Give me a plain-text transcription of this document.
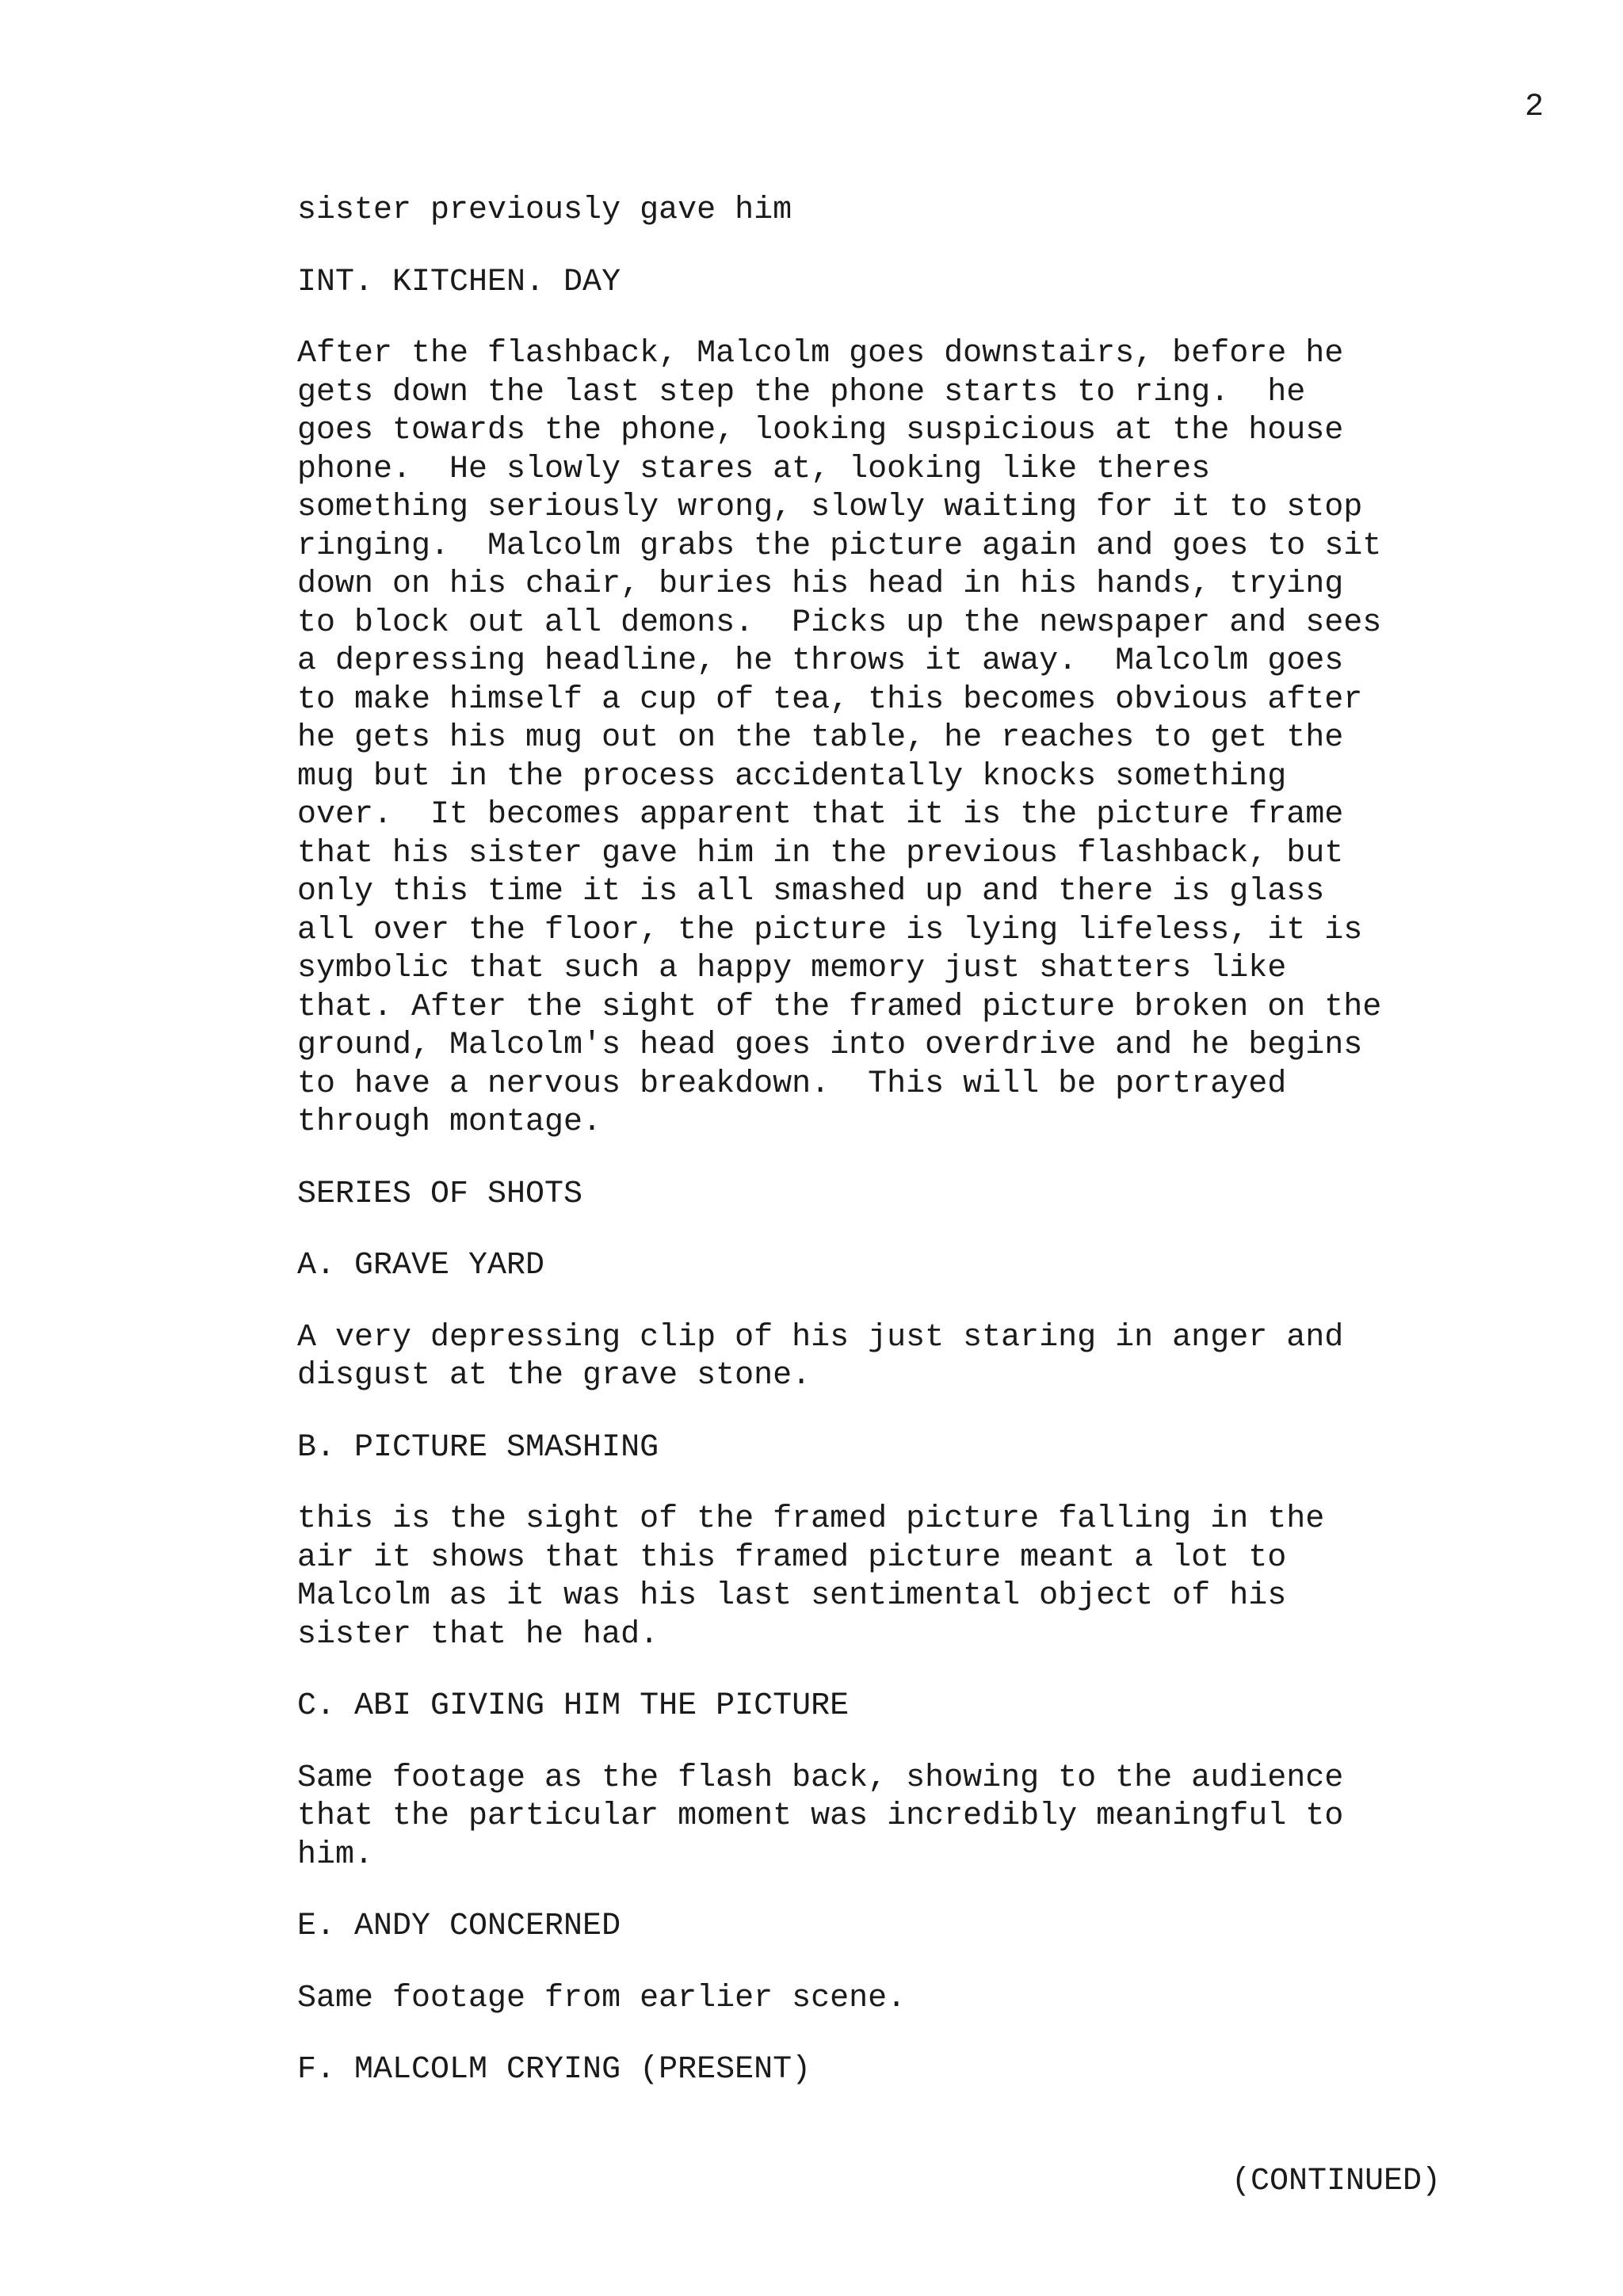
2

sister previously gave him
INT. KITCHEN. DAY
After the flashback, Malcolm goes downstairs, before he
gets down the last step the phone starts to ring.  he
goes towards the phone, looking suspicious at the house
phone.  He slowly stares at, looking like theres
something seriously wrong, slowly waiting for it to stop
ringing.  Malcolm grabs the picture again and goes to sit
down on his chair, buries his head in his hands, trying
to block out all demons.  Picks up the newspaper and sees
a depressing headline, he throws it away.  Malcolm goes
to make himself a cup of tea, this becomes obvious after
he gets his mug out on the table, he reaches to get the
mug but in the process accidentally knocks something
over.  It becomes apparent that it is the picture frame
that his sister gave him in the previous flashback, but
only this time it is all smashed up and there is glass
all over the floor, the picture is lying lifeless, it is
symbolic that such a happy memory just shatters like
that. After the sight of the framed picture broken on the
ground, Malcolm's head goes into overdrive and he begins
to have a nervous breakdown.  This will be portrayed
through montage.
SERIES OF SHOTS
A. GRAVE YARD
A very depressing clip of his just staring in anger and
disgust at the grave stone.
B. PICTURE SMASHING
this is the sight of the framed picture falling in the
air it shows that this framed picture meant a lot to
Malcolm as it was his last sentimental object of his
sister that he had.
C. ABI GIVING HIM THE PICTURE
Same footage as the flash back, showing to the audience
that the particular moment was incredibly meaningful to
him.
E. ANDY CONCERNED
Same footage from earlier scene.
F. MALCOLM CRYING (PRESENT)

(CONTINUED)
